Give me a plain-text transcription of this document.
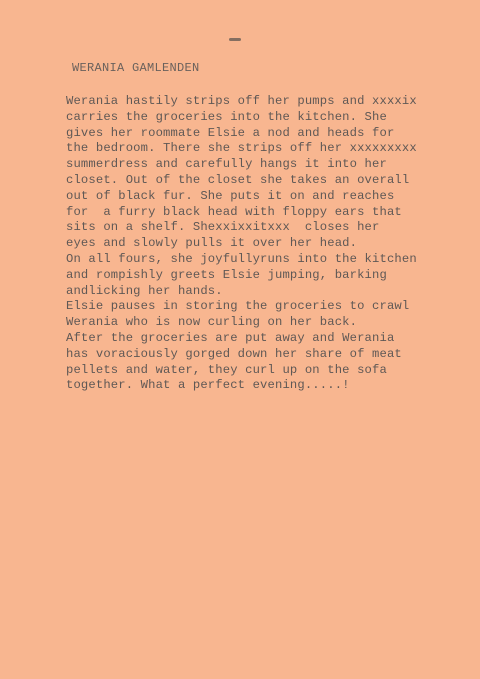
WERANIA GAMLENDEN
Werania hastily strips off her pumps and xxxxix
carries the groceries into the kitchen. She
gives her roommate Elsie a nod and heads for
the bedroom. There she strips off her xxxxxxxxx
summerdress and carefully hangs it into her
closet. Out of the closet she takes an overall
out of black fur. She puts it on and reaches
for  a furry black head with floppy ears that
sits on a shelf. Shexxixxitxxx  closes her
eyes and slowly pulls it over her head.
On all fours, she joyfullyruns into the kitchen
and rompishly greets Elsie jumping, barking
andlicking her hands.
Elsie pauses in storing the groceries to crawl
Werania who is now curling on her back.
After the groceries are put away and Werania
has voraciously gorged down her share of meat
pellets and water, they curl up on the sofa
together. What a perfect evening.....!
